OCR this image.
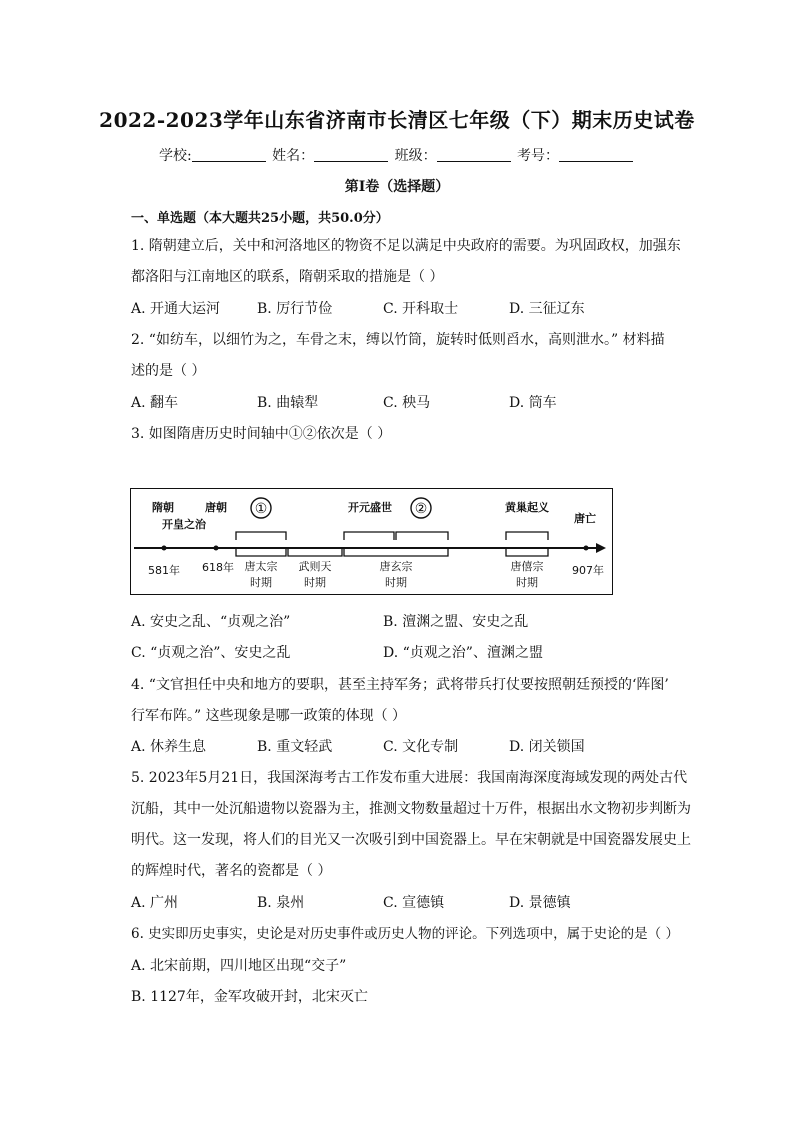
2022-2023学年山东省济南市长清区七年级（下）期末历史试卷
学校:	姓名：	班级：	考号：
第Ⅰ卷（选择题）
一、单选题（本大题共25小题，共50.0分）
1. 隋朝建立后，关中和河洛地区的物资不足以满足中央政府的需要。为巩固政权，加强东
都洛阳与江南地区的联系，隋朝采取的措施是（ ）
A. 开通大运河	B. 厉行节俭	C. 开科取士	D. 三征辽东
2. “如纺车，以细竹为之，车骨之末，缚以竹筒，旋转时低则舀水，高则泄水。” 材料描
述的是（ ）
A. 翻车	B. 曲辕犁	C. 秧马	D. 筒车
3. 如图隋唐历史时间轴中①②依次是（ ）
①	②
隋朝	唐朝
开皇之治
开元盛世	黄巢起义
唐亡
581年 618年	907年
唐太宗
时期
武则天
时期
唐玄宗
时期
唐僖宗
时期
A. 安史之乱、“贞观之治”	B. 澶渊之盟、安史之乱
C. “贞观之治”、安史之乱	D. “贞观之治”、澶渊之盟
4. “文官担任中央和地方的要职，甚至主持军务；武将带兵打仗要按照朝廷预授的‘阵图’
行军布阵。” 这些现象是哪一政策的体现（ ）
A. 休养生息	B. 重文轻武	C. 文化专制	D. 闭关锁国
5. 2023年5月21日，我国深海考古工作发布重大进展：我国南海深度海域发现的两处古代
沉船，其中一处沉船遗物以瓷器为主，推测文物数量超过十万件，根据出水文物初步判断为
明代。这一发现，将人们的目光又一次吸引到中国瓷器上。早在宋朝就是中国瓷器发展史上
的辉煌时代，著名的瓷都是（ ）
A. 广州	B. 泉州	C. 宣德镇	D. 景德镇
6. 史实即历史事实，史论是对历史事件或历史人物的评论。下列选项中，属于史论的是（ ）
A. 北宋前期，四川地区出现“交子”
B. 1127年，金军攻破开封，北宋灭亡
